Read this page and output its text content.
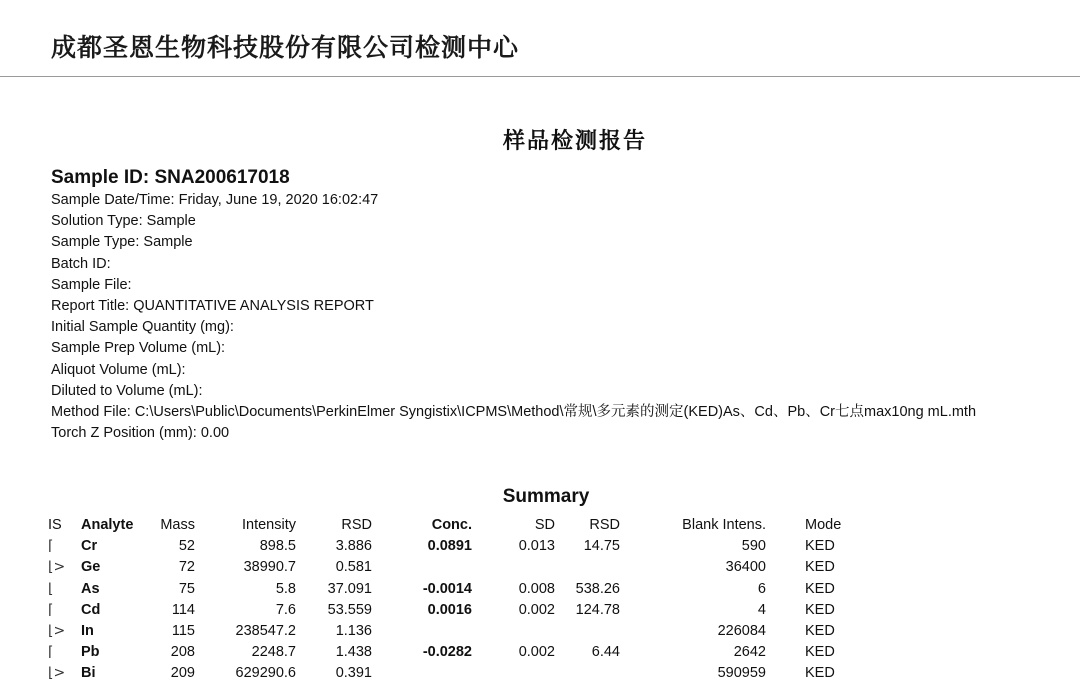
成都圣恩生物科技股份有限公司检测中心
样品检测报告
Sample ID: SNA200617018
Sample Date/Time: Friday, June 19, 2020 16:02:47
Solution Type: Sample
Sample Type: Sample
Batch ID:
Sample File:
Report Title: QUANTITATIVE ANALYSIS REPORT
Initial Sample Quantity (mg):
Sample Prep Volume (mL):
Aliquot Volume (mL):
Diluted to Volume (mL):
Method File: C:\Users\Public\Documents\PerkinElmer Syngistix\ICPMS\Method\常规\多元素的测定(KED)As、Cd、Pb、Cr七点max10ng mL.mth
Torch Z Position (mm): 0.00
Summary
IS	Analyte	Mass	Intensity	RSD	Conc.	SD	RSD	Blank Intens.	Mode
⌈	Cr	52	898.5	3.886	0.0891	0.013	14.75	590	KED
⌊>	Ge	72	38990.7	0.581				36400	KED
⌊	As	75	5.8	37.091	-0.0014	0.008	538.26	6	KED
⌈	Cd	114	7.6	53.559	0.0016	0.002	124.78	4	KED
⌊>	In	115	238547.2	1.136				226084	KED
⌈	Pb	208	2248.7	1.438	-0.0282	0.002	6.44	2642	KED
⌊>	Bi	209	629290.6	0.391				590959	KED
